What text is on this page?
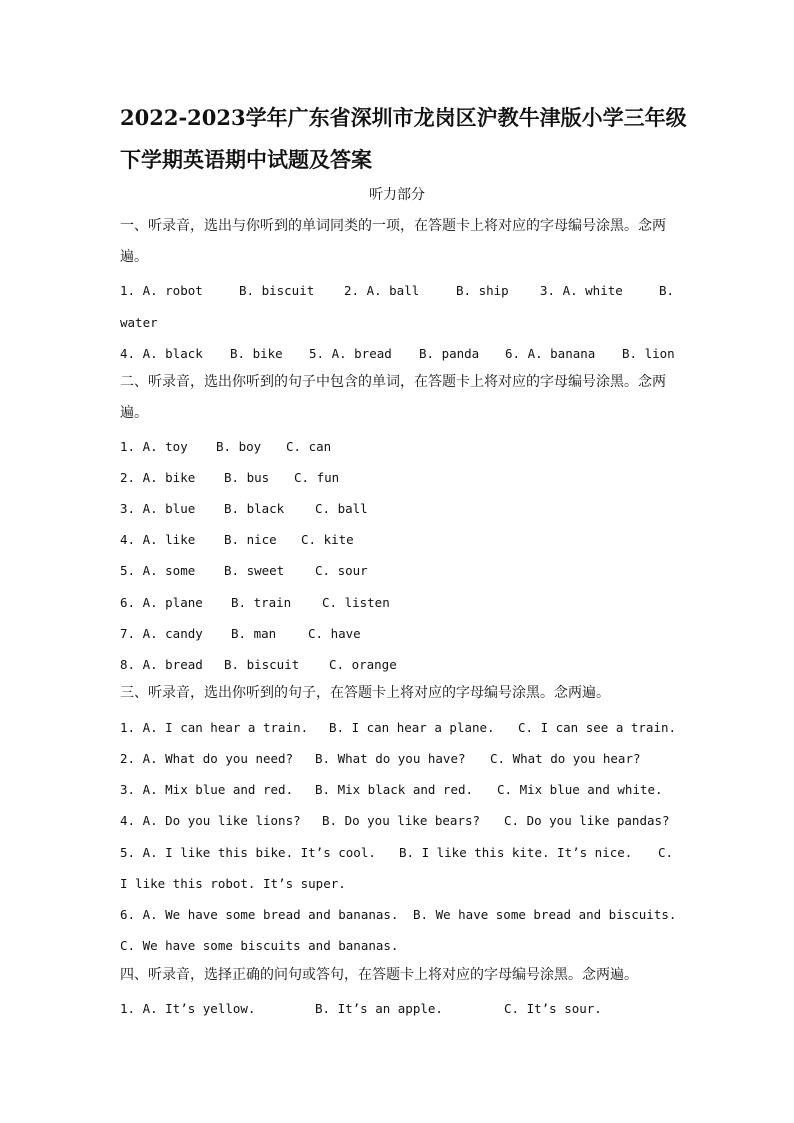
2022-2023学年广东省深圳市龙岗区沪教牛津版小学三年级
下学期英语期中试题及答案
听力部分
一、听录音，选出与你听到的单词同类的一项，在答题卡上将对应的字母编号涂黑。念两
遍。
1. A. robot	B. biscuit 2. A. ball	B. ship	3. A. white	B.
water
4. A. black B. bike 5. A. bread B. panda 6. A. banana B. lion
二、听录音，选出你听到的句子中包含的单词，在答题卡上将对应的字母编号涂黑。念两
遍。
1. A. toy B. boy C. can
2. A. bike B. bus C. fun
3. A. blue B. black C. ball
4. A. like B. nice C. kite
5. A. some B. sweet C. sour
6. A. plane B. train C. listen
7. A. candy B. man	C. have
8. A. bread B. biscuit C. orange
三、听录音，选出你听到的句子，在答题卡上将对应的字母编号涂黑。念两遍。
1. A. I can hear a train. B. I can hear a plane. C. I can see a train.
2. A. What do you need? B. What do you have? C. What do you hear?
3. A. Mix blue and red. B. Mix black and red. C. Mix blue and white.
4. A. Do you like lions? B. Do you like bears? C. Do you like pandas?
5. A. I like this bike. It’s cool. B. I like this kite. It’s nice. C.
I like this robot. It’s super.
6. A. We have some bread and bananas. B. We have some bread and biscuits.
C. We have some biscuits and bananas.
四、听录音，选择正确的问句或答句，在答题卡上将对应的字母编号涂黑。念两遍。
1. A. It’s yellow.	B. It’s an apple.	C. It’s sour.
